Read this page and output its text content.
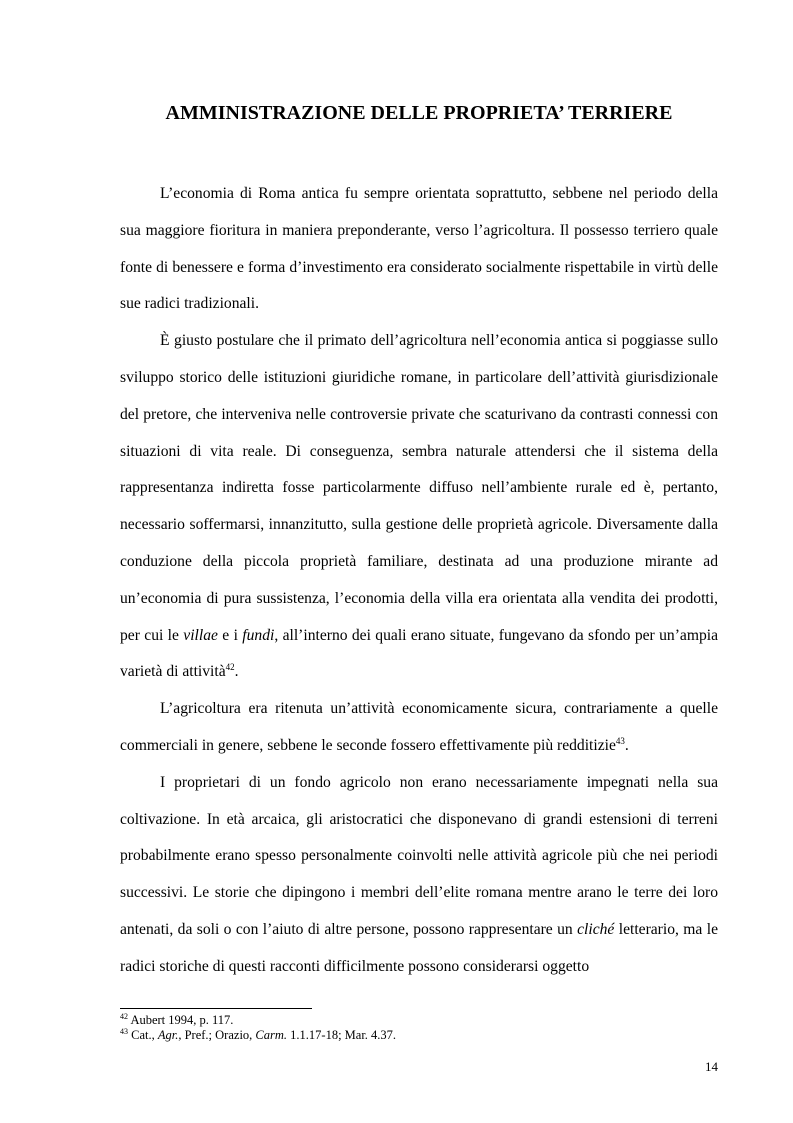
AMMINISTRAZIONE DELLE PROPRIETA’ TERRIERE

L’economia di Roma antica fu sempre orientata soprattutto, sebbene nel periodo della sua maggiore fioritura in maniera preponderante, verso l’agricoltura. Il possesso terriero quale fonte di benessere e forma d’investimento era considerato socialmente rispettabile in virtù delle sue radici tradizionali.

È giusto postulare che il primato dell’agricoltura nell’economia antica si poggiasse sullo sviluppo storico delle istituzioni giuridiche romane, in particolare dell’attività giurisdizionale del pretore, che interveniva nelle controversie private che scaturivano da contrasti connessi con situazioni di vita reale. Di conseguenza, sembra naturale attendersi che il sistema della rappresentanza indiretta fosse particolarmente diffuso nell’ambiente rurale ed è, pertanto, necessario soffermarsi, innanzitutto, sulla gestione delle proprietà agricole. Diversamente dalla conduzione della piccola proprietà familiare, destinata ad una produzione mirante ad un’economia di pura sussistenza, l’economia della villa era orientata alla vendita dei prodotti, per cui le villae e i fundi, all’interno dei quali erano situate, fungevano da sfondo per un’ampia varietà di attività$^{42}$.

L’agricoltura era ritenuta un’attività economicamente sicura, contrariamente a quelle commerciali in genere, sebbene le seconde fossero effettivamente più redditizie$^{43}$.

I proprietari di un fondo agricolo non erano necessariamente impegnati nella sua coltivazione. In età arcaica, gli aristocratici che disponevano di grandi estensioni di terreni probabilmente erano spesso personalmente coinvolti nelle attività agricole più che nei periodi successivi. Le storie che dipingono i membri dell’elite romana mentre arano le terre dei loro antenati, da soli o con l’aiuto di altre persone, possono rappresentare un cliché letterario, ma le radici storiche di questi racconti difficilmente possono considerarsi oggetto

$^{42}$ Aubert 1994, p. 117.

$^{43}$ Cat., Agr., Pref.; Orazio, Carm. 1.1.17-18; Mar. 4.37.

14
